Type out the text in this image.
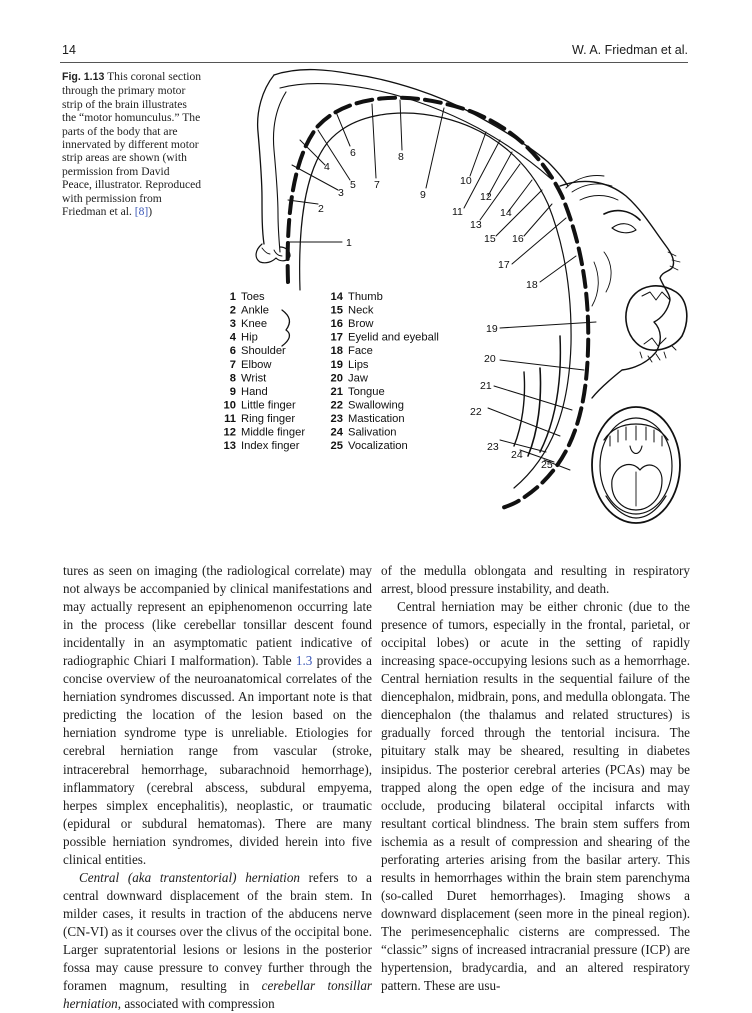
14	W. A. Friedman et al.
Fig. 1.13 This coronal section through the primary motor strip of the brain illustrates the “motor homunculus.” The parts of the body that are innervated by different motor strip areas are shown (with permission from David Peace, illustrator. Reproduced with permission from Friedman et al. [8])
1
2
3
4
5
6
7
8
9
10
11
12
13
14
15 16
17
18
19
20
21
22
23
24
25
1 Toes
2 Ankle
3 Knee
4 Hip
6 Shoulder
7 Elbow
8 Wrist
9 Hand
10 Little finger
11 Ring finger
12 Middle finger
13 Index finger
14 Thumb
15 Neck
16 Brow
17 Eyelid and eyeball
18 Face
19 Lips
20 Jaw
21 Tongue
22 Swallowing
23 Mastication
24 Salivation
25 Vocalization

tures as seen on imaging (the radiological correlate) may not always be accompanied by clinical manifestations and may actually represent an epiphenomenon occurring late in the process (like cerebellar tonsillar descent found incidentally in an asymptomatic patient indicative of radiographic Chiari I malformation). Table 1.3 provides a concise overview of the neuroanatomical correlates of the herniation syndromes discussed. An important note is that predicting the location of the lesion based on the herniation syndrome type is unreliable. Etiologies for cerebral herniation range from vascular (stroke, intracerebral hemorrhage, subarachnoid hemorrhage), inflammatory (cerebral abscess, subdural empyema, herpes simplex encephalitis), neoplastic, or traumatic (epidural or subdural hematomas). There are many possible herniation syndromes, divided herein into five clinical entities.

Central (aka transtentorial) herniation refers to a central downward displacement of the brain stem. In milder cases, it results in traction of the abducens nerve (CN-VI) as it courses over the clivus of the occipital bone. Larger supratentorial lesions or lesions in the posterior fossa may cause pressure to convey further through the foramen magnum, resulting in cerebellar tonsillar herniation, associated with compression

of the medulla oblongata and resulting in respiratory arrest, blood pressure instability, and death.

Central herniation may be either chronic (due to the presence of tumors, especially in the frontal, parietal, or occipital lobes) or acute in the setting of rapidly increasing space-occupying lesions such as a hemorrhage. Central herniation results in the sequential failure of the diencephalon, midbrain, pons, and medulla oblongata. The diencephalon (the thalamus and related structures) is gradually forced through the tentorial incisura. The pituitary stalk may be sheared, resulting in diabetes insipidus. The posterior cerebral arteries (PCAs) may be trapped along the open edge of the incisura and may occlude, producing bilateral occipital infarcts with resultant cortical blindness. The brain stem suffers from ischemia as a result of compression and shearing of the perforating arteries arising from the basilar artery. This results in hemorrhages within the brain stem parenchyma (so-called Duret hemorrhages). Imaging shows a downward displacement (seen more in the pineal region). The perimesencephalic cisterns are compressed. The “classic” signs of increased intracranial pressure (ICP) are hypertension, bradycardia, and an altered respiratory pattern. These are usu-
